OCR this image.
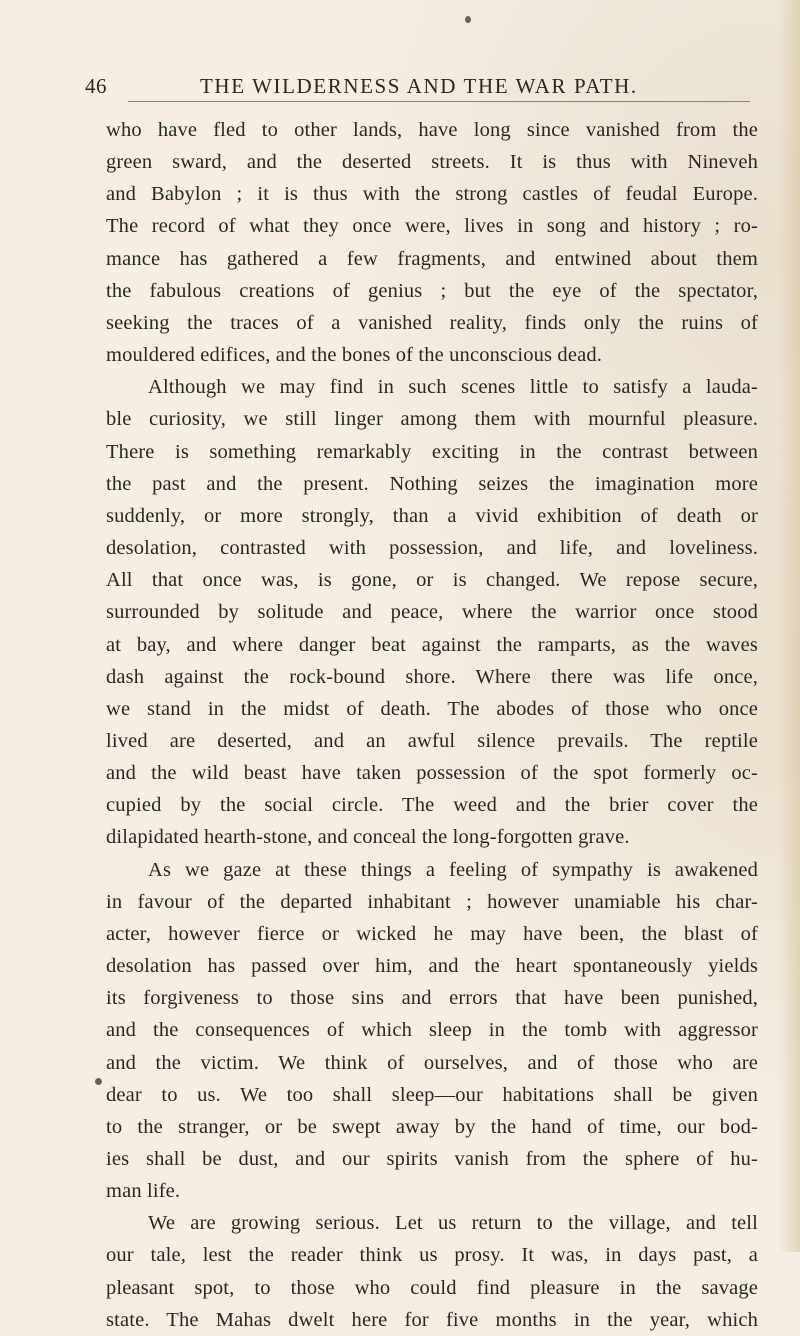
46	THE WILDERNESS AND THE WAR PATH.
who have fled to other lands, have long since vanished from the
green sward, and the deserted streets. It is thus with Nineveh
and Babylon ; it is thus with the strong castles of feudal Europe.
The record of what they once were, lives in song and history ; ro-
mance has gathered a few fragments, and entwined about them
the fabulous creations of genius ; but the eye of the spectator,
seeking the traces of a vanished reality, finds only the ruins of
mouldered edifices, and the bones of the unconscious dead.
Although we may find in such scenes little to satisfy a lauda-
ble curiosity, we still linger among them with mournful pleasure.
There is something remarkably exciting in the contrast between
the past and the present. Nothing seizes the imagination more
suddenly, or more strongly, than a vivid exhibition of death or
desolation, contrasted with possession, and life, and loveliness.
All that once was, is gone, or is changed. We repose secure,
surrounded by solitude and peace, where the warrior once stood
at bay, and where danger beat against the ramparts, as the waves
dash against the rock-bound shore. Where there was life once,
we stand in the midst of death. The abodes of those who once
lived are deserted, and an awful silence prevails. The reptile
and the wild beast have taken possession of the spot formerly oc-
cupied by the social circle. The weed and the brier cover the
dilapidated hearth-stone, and conceal the long-forgotten grave.
As we gaze at these things a feeling of sympathy is awakened
in favour of the departed inhabitant ; however unamiable his char-
acter, however fierce or wicked he may have been, the blast of
desolation has passed over him, and the heart spontaneously yields
its forgiveness to those sins and errors that have been punished,
and the consequences of which sleep in the tomb with aggressor
and the victim. We think of ourselves, and of those who are
dear to us. We too shall sleep—our habitations shall be given
to the stranger, or be swept away by the hand of time, our bod-
ies shall be dust, and our spirits vanish from the sphere of hu-
man life.
We are growing serious. Let us return to the village, and tell
our tale, lest the reader think us prosy. It was, in days past, a
pleasant spot, to those who could find pleasure in the savage
state. The Mahas dwelt here for five months in the year, which
